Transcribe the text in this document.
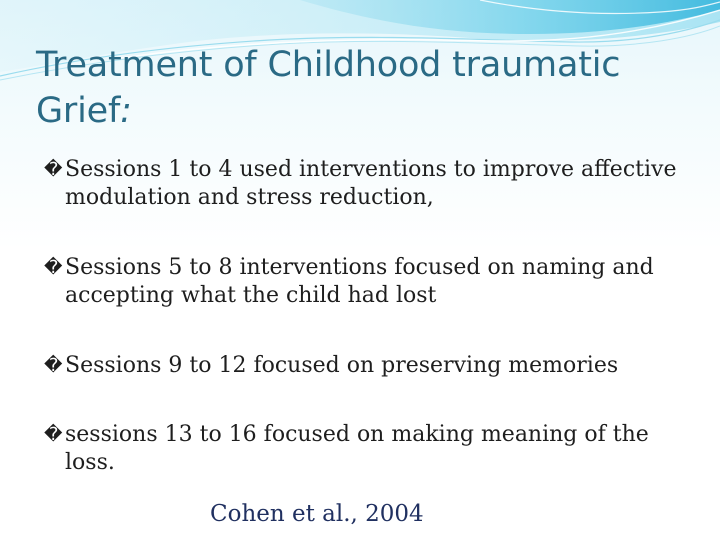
Treatment of Childhood traumatic Grief:
� Sessions 1 to 4 used interventions to improve affective modulation and stress reduction,
� Sessions 5 to 8 interventions focused on naming and accepting what the child had lost
� Sessions 9 to 12 focused on preserving memories
� sessions 13 to 16 focused on making meaning of the loss.

Cohen et al., 2004
